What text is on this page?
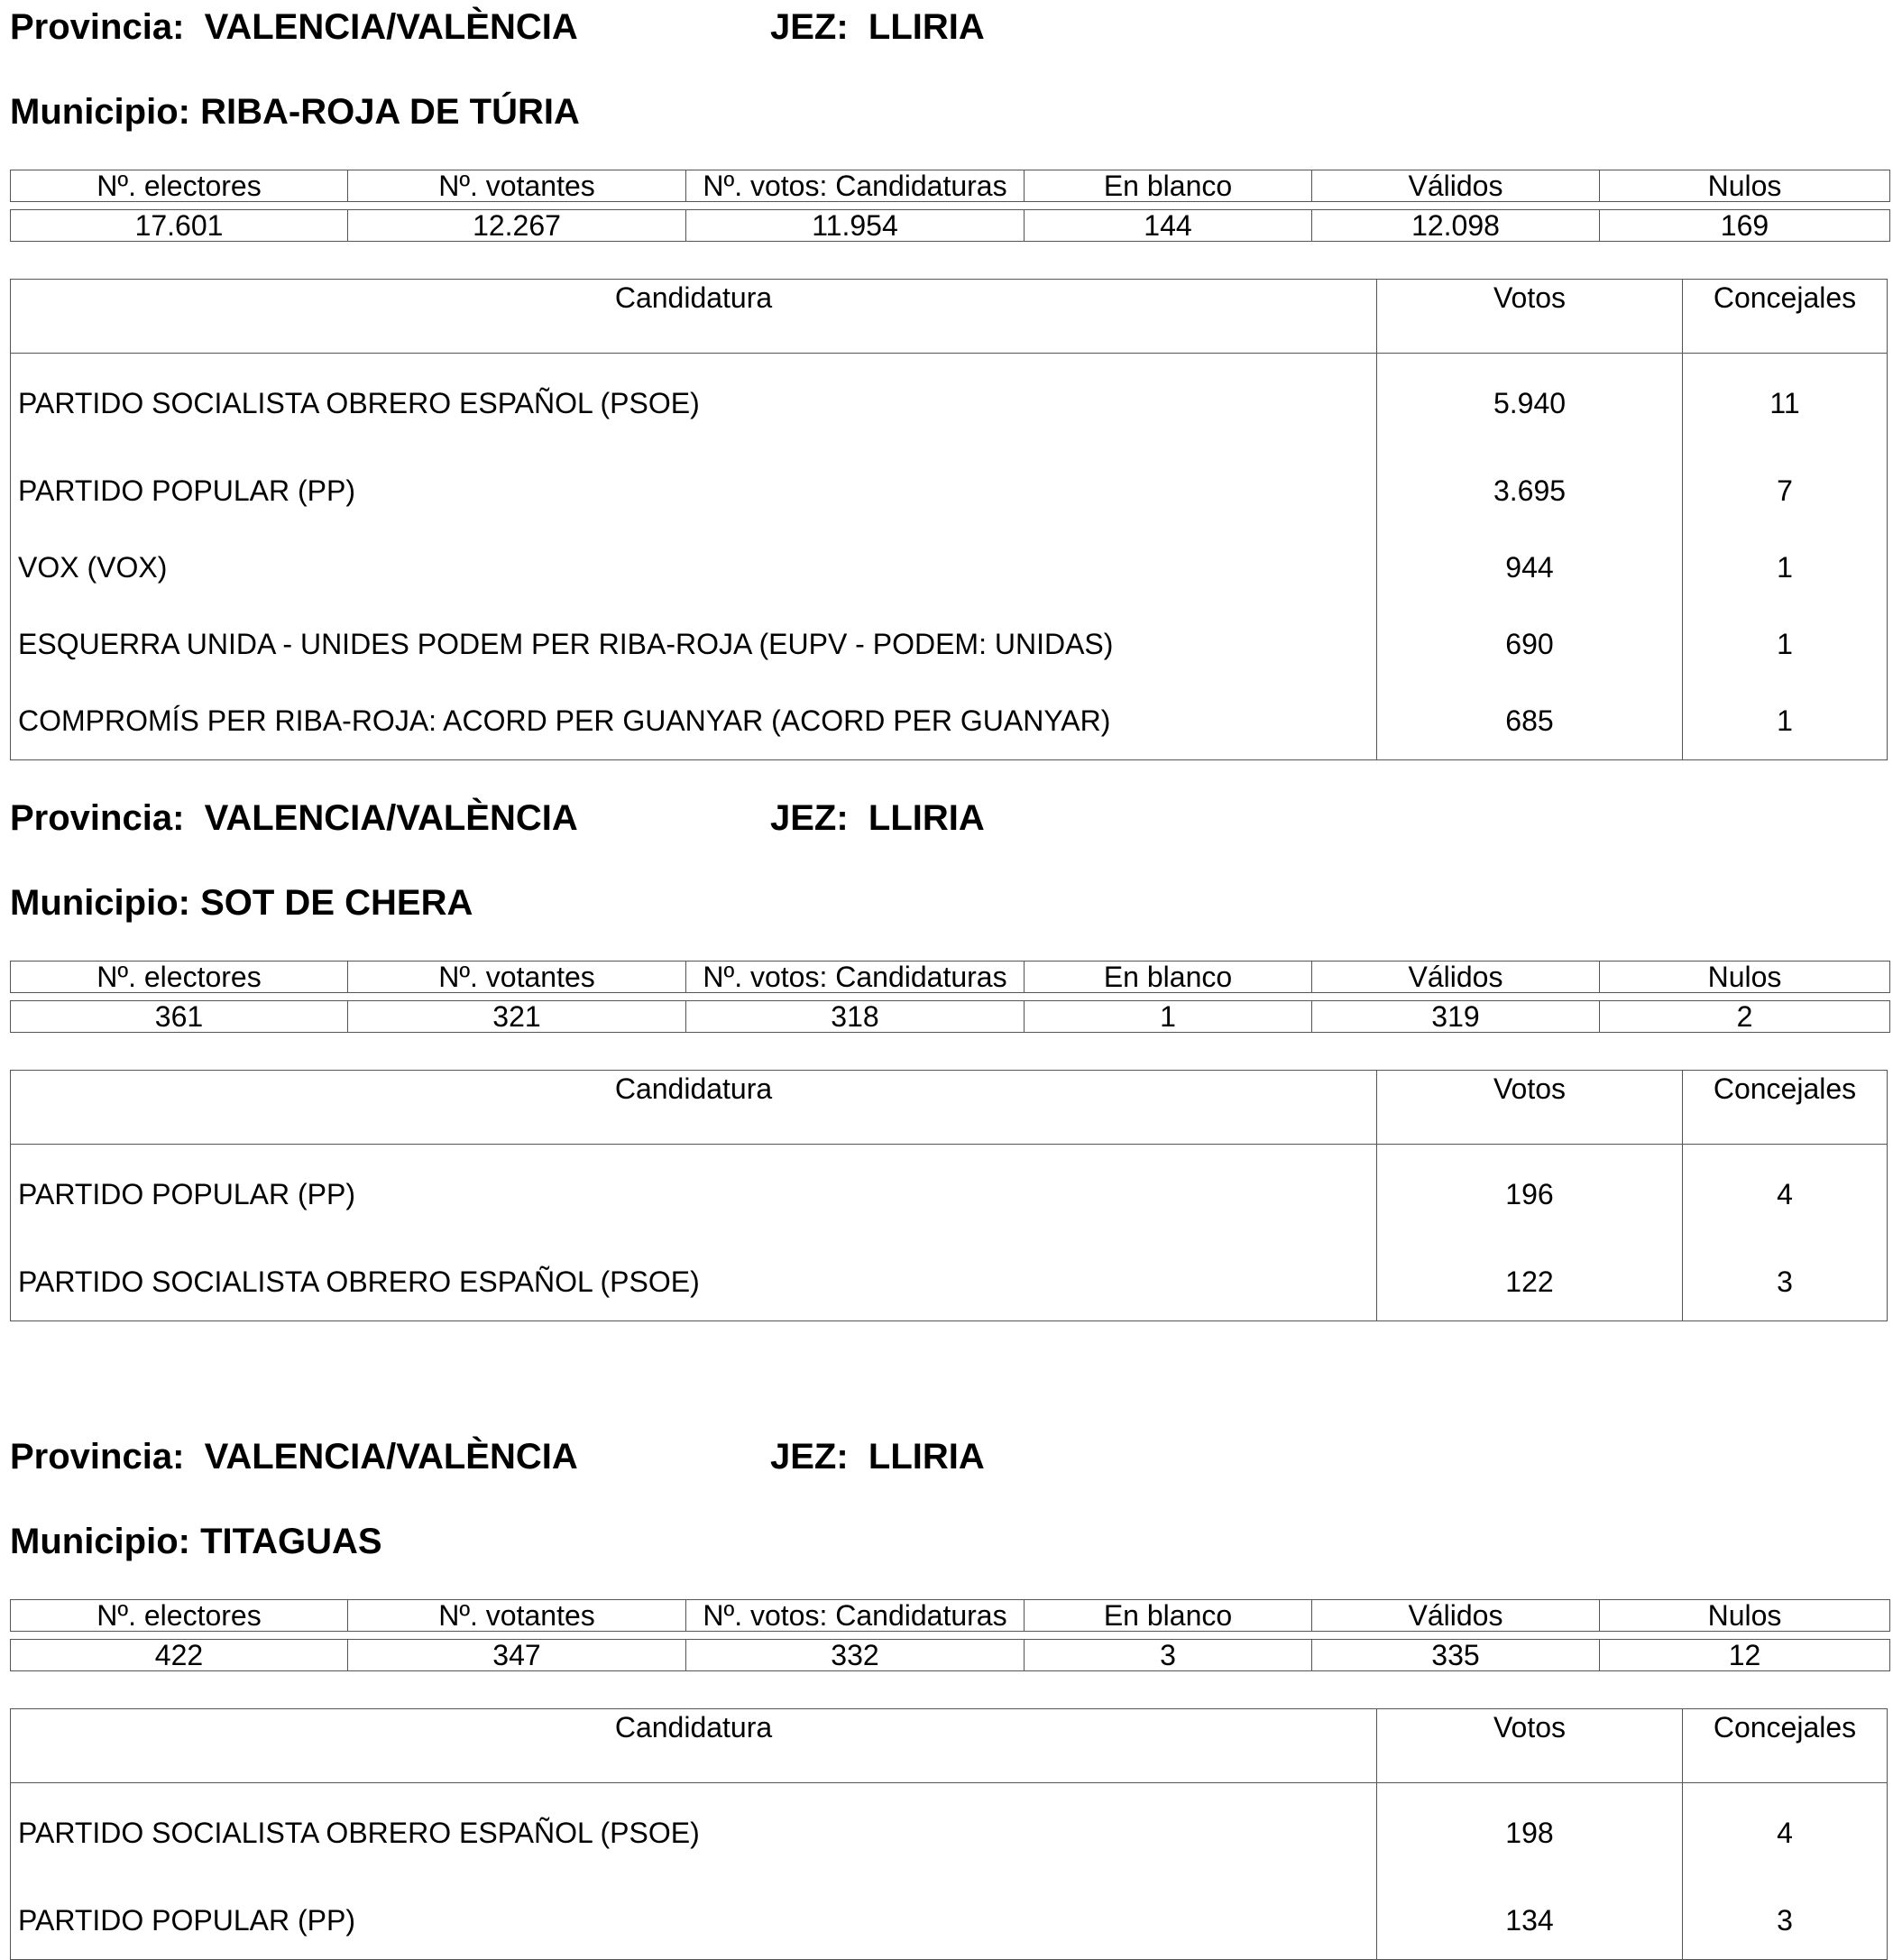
Provincia: VALENCIA/VALÈNCIA	JEZ: LLIRIA
Municipio: RIBA-ROJA DE TÚRIA
Nº. electores	Nº. votantes	Nº. votos: Candidaturas	En blanco	Válidos	Nulos
17.601	12.267	11.954	144	12.098	169
Candidatura	Votos	Concejales
PARTIDO SOCIALISTA OBRERO ESPAÑOL (PSOE)	5.940	11
PARTIDO POPULAR (PP)	3.695	7
VOX (VOX)	944	1
ESQUERRA UNIDA - UNIDES PODEM PER RIBA-ROJA (EUPV - PODEM: UNIDAS)	690	1
COMPROMÍS PER RIBA-ROJA: ACORD PER GUANYAR (ACORD PER GUANYAR)	685	1
Provincia: VALENCIA/VALÈNCIA	JEZ: LLIRIA
Municipio: SOT DE CHERA
Nº. electores	Nº. votantes	Nº. votos: Candidaturas	En blanco	Válidos	Nulos
361	321	318	1	319	2
Candidatura	Votos	Concejales
PARTIDO POPULAR (PP)	196	4
PARTIDO SOCIALISTA OBRERO ESPAÑOL (PSOE)	122	3
Provincia: VALENCIA/VALÈNCIA	JEZ: LLIRIA
Municipio: TITAGUAS
Nº. electores	Nº. votantes	Nº. votos: Candidaturas	En blanco	Válidos	Nulos
422	347	332	3	335	12
Candidatura	Votos	Concejales
PARTIDO SOCIALISTA OBRERO ESPAÑOL (PSOE)	198	4
PARTIDO POPULAR (PP)	134	3
